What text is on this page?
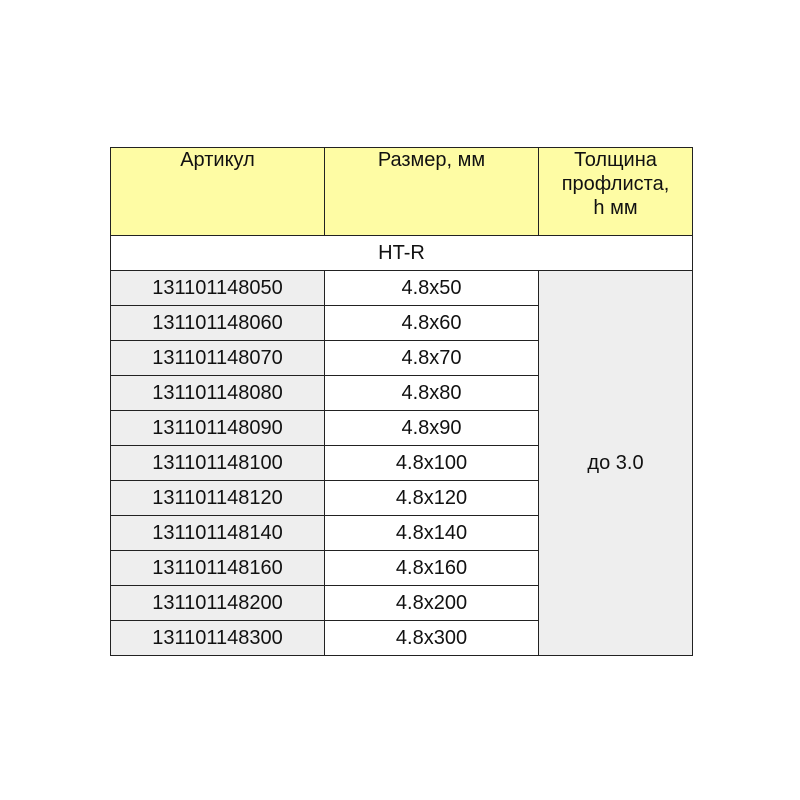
Артикул	Размер, мм	Толщина
профлиста,
h мм
HT-R		
131101148050	4.8x50	до 3.0
131101148060	4.8x60	
131101148070	4.8x70	
131101148080	4.8x80	
131101148090	4.8x90	
131101148100	4.8x100	
131101148120	4.8x120	
131101148140	4.8x140	
131101148160	4.8x160	
131101148200	4.8x200	
131101148300	4.8x300	
